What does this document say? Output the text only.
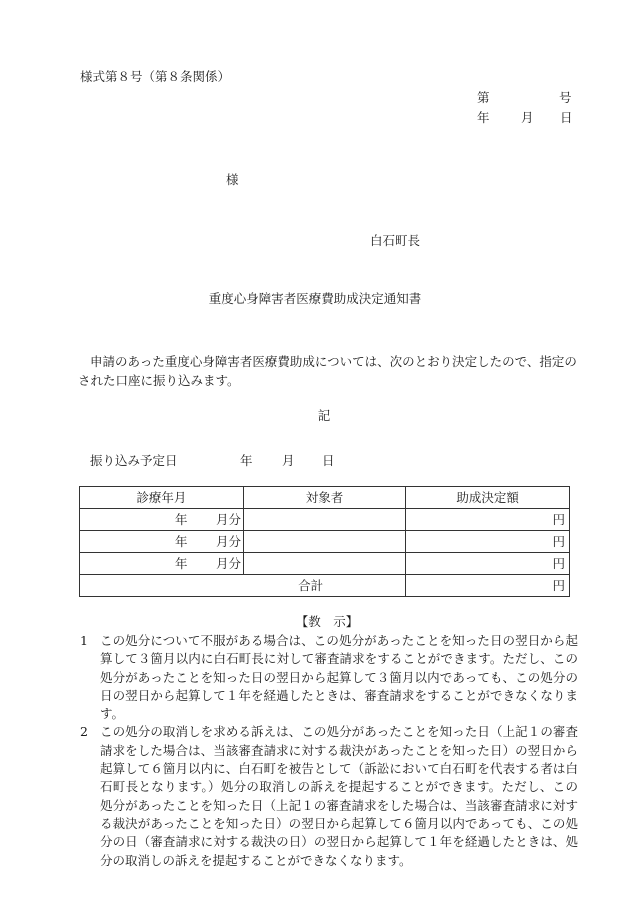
様式第８号（第８条関係）
第	号
年	月 日
様
白石町長
重度心身障害者医療費助成決定通知書
申請のあった重度心身障害者医療費助成については、次のとおり決定したので、指定のされた口座に振り込みます。
記
振り込み予定日	年 月 日
診療年月	対象者	助成決定額

年 月分		円

年 月分		円

年 月分		円
合計		円
【教　示】

1 この処分について不服がある場合は、この処分があったことを知った日の翌日から起算して３箇月以内に白石町長に対して審査請求をすることができます。ただし、この処分があったことを知った日の翌日から起算して３箇月以内であっても、この処分の日の翌日から起算して１年を経過したときは、審査請求をすることができなくなります。

2 この処分の取消しを求める訴えは、この処分があったことを知った日（上記１の審査請求をした場合は、当該審査請求に対する裁決があったことを知った日）の翌日から起算して６箇月以内に、白石町を被告として（訴訟において白石町を代表する者は白石町長となります。）処分の取消しの訴えを提起することができます。ただし、この処分があったことを知った日（上記１の審査請求をした場合は、当該審査請求に対する裁決があったことを知った日）の翌日から起算して６箇月以内であっても、この処分の日（審査請求に対する裁決の日）の翌日から起算して１年を経過したときは、処分の取消しの訴えを提起することができなくなります。
